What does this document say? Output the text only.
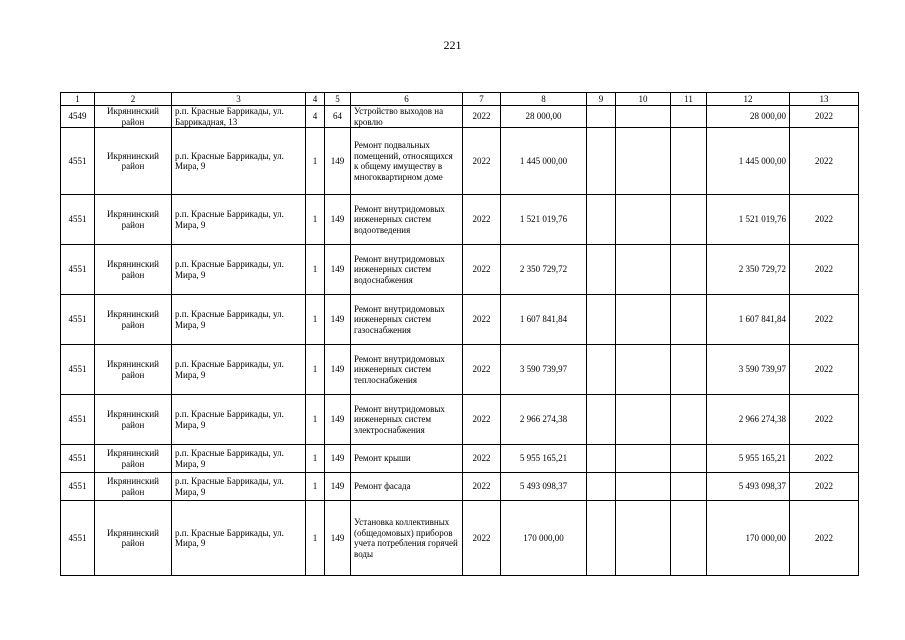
221
1	2	3	4	5	6	7	8	9	10	11	12	13
4549	Икрянинский район	р.п. Красные Баррикады, ул. Баррикадная, 13	4	64	Устройство выходов на кровлю	2022	28 000,00				28 000,00	2022
4551	Икрянинский район	р.п. Красные Баррикады, ул. Мира, 9	1	149	Ремонт подвальных помещений, относящихся к общему имуществу в многоквартирном доме	2022	1 445 000,00				1 445 000,00	2022
4551	Икрянинский район	р.п. Красные Баррикады, ул. Мира, 9	1	149	Ремонт внутридомовых инженерных систем водоотведения	2022	1 521 019,76				1 521 019,76	2022
4551	Икрянинский район	р.п. Красные Баррикады, ул. Мира, 9	1	149	Ремонт внутридомовых инженерных систем водоснабжения	2022	2 350 729,72				2 350 729,72	2022
4551	Икрянинский район	р.п. Красные Баррикады, ул. Мира, 9	1	149	Ремонт внутридомовых инженерных систем газоснабжения	2022	1 607 841,84				1 607 841,84	2022
4551	Икрянинский район	р.п. Красные Баррикады, ул. Мира, 9	1	149	Ремонт внутридомовых инженерных систем теплоснабжения	2022	3 590 739,97				3 590 739,97	2022
4551	Икрянинский район	р.п. Красные Баррикады, ул. Мира, 9	1	149	Ремонт внутридомовых инженерных систем электроснабжения	2022	2 966 274,38				2 966 274,38	2022
4551	Икрянинский район	р.п. Красные Баррикады, ул. Мира, 9	1	149	Ремонт крыши	2022	5 955 165,21				5 955 165,21	2022
4551	Икрянинский район	р.п. Красные Баррикады, ул. Мира, 9	1	149	Ремонт фасада	2022	5 493 098,37				5 493 098,37	2022
4551	Икрянинский район	р.п. Красные Баррикады, ул. Мира, 9	1	149	Установка коллективных (общедомовых) приборов учета потребления горячей воды	2022	170 000,00				170 000,00	2022
